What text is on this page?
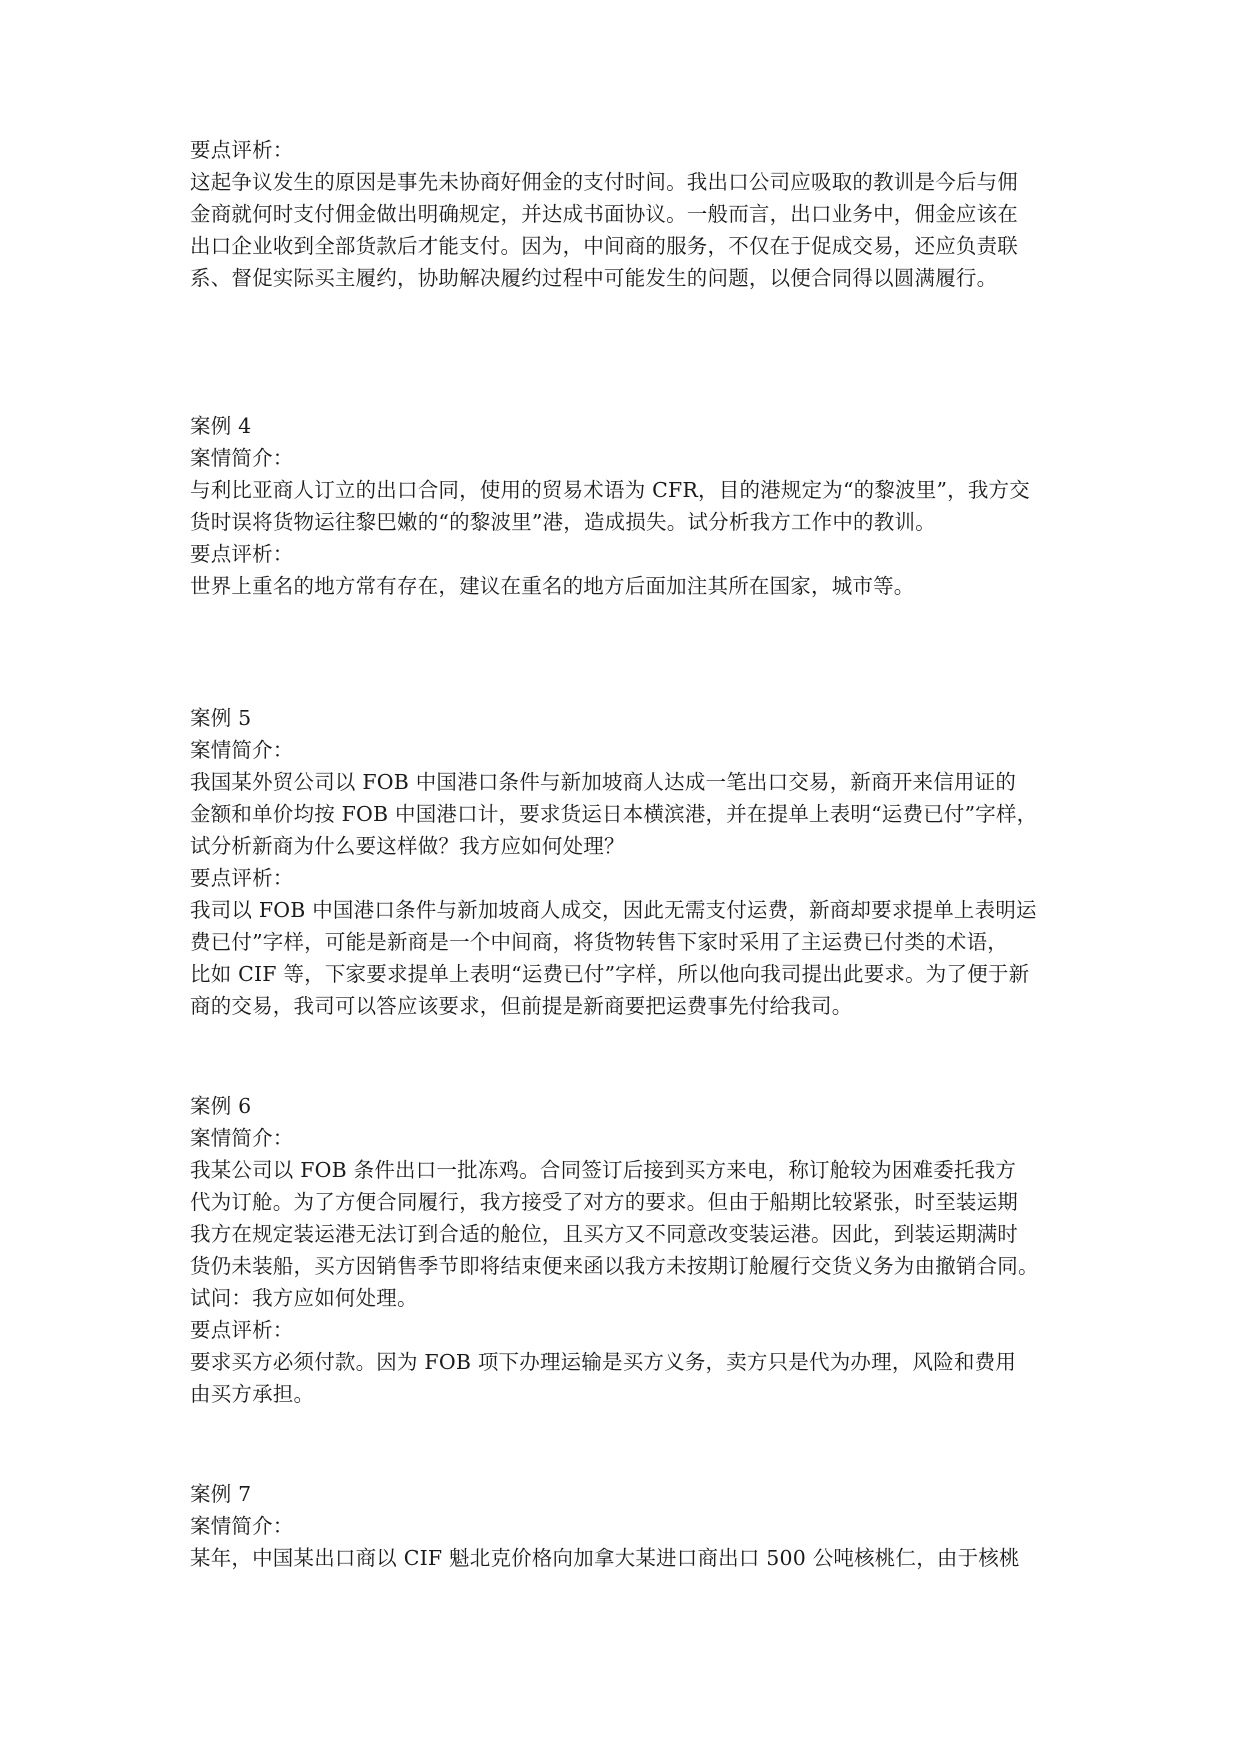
要点评析：

这起争议发生的原因是事先未协商好佣金的支付时间。我出口公司应吸取的教训是今后与佣

金商就何时支付佣金做出明确规定，并达成书面协议。一般而言，出口业务中，佣金应该在

出口企业收到全部货款后才能支付。因为，中间商的服务，不仅在于促成交易，还应负责联

系、督促实际买主履约，协助解决履约过程中可能发生的问题，以便合同得以圆满履行。

案例 4

案情简介：

与利比亚商人订立的出口合同，使用的贸易术语为 CFR，目的港规定为“的黎波里”，我方交

货时误将货物运往黎巴嫩的“的黎波里”港，造成损失。试分析我方工作中的教训。

要点评析：

世界上重名的地方常有存在，建议在重名的地方后面加注其所在国家，城市等。

案例 5

案情简介：

我国某外贸公司以 FOB 中国港口条件与新加坡商人达成一笔出口交易，新商开来信用证的

金额和单价均按 FOB 中国港口计，要求货运日本横滨港，并在提单上表明“运费已付”字样，

试分析新商为什么要这样做？我方应如何处理？

要点评析：

我司以 FOB 中国港口条件与新加坡商人成交，因此无需支付运费，新商却要求提单上表明运

费已付”字样，可能是新商是一个中间商，将货物转售下家时采用了主运费已付类的术语，

比如 CIF 等，下家要求提单上表明“运费已付”字样，所以他向我司提出此要求。为了便于新

商的交易，我司可以答应该要求，但前提是新商要把运费事先付给我司。

案例 6

案情简介：

我某公司以 FOB 条件出口一批冻鸡。合同签订后接到买方来电，称订舱较为困难委托我方

代为订舱。为了方便合同履行，我方接受了对方的要求。但由于船期比较紧张，时至装运期

我方在规定装运港无法订到合适的舱位，且买方又不同意改变装运港。因此，到装运期满时

货仍未装船，买方因销售季节即将结束便来函以我方未按期订舱履行交货义务为由撤销合同。

试问：我方应如何处理。

要点评析：

要求买方必须付款。因为 FOB 项下办理运输是买方义务，卖方只是代为办理，风险和费用

由买方承担。

案例 7

案情简介：

某年，中国某出口商以 CIF 魁北克价格向加拿大某进口商出口 500 公吨核桃仁，由于核桃
